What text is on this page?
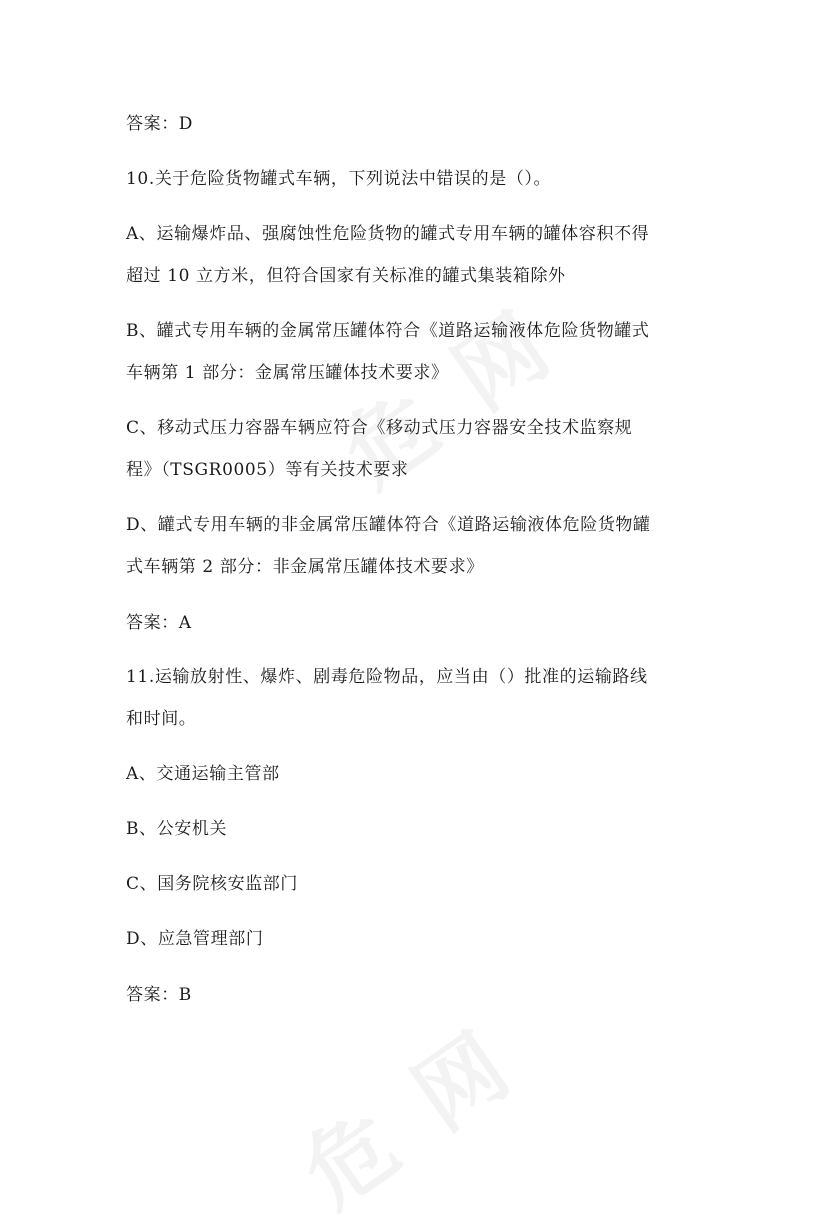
答案：D
10.关于危险货物罐式车辆，下列说法中错误的是（）。
A、运输爆炸品、强腐蚀性危险货物的罐式专用车辆的罐体容积不得
超过 10 立方米，但符合国家有关标准的罐式集装箱除外
B、罐式专用车辆的金属常压罐体符合《道路运输液体危险货物罐式
车辆第 1 部分：金属常压罐体技术要求》
C、移动式压力容器车辆应符合《移动式压力容器安全技术监察规
程》（TSGR0005）等有关技术要求
D、罐式专用车辆的非金属常压罐体符合《道路运输液体危险货物罐
式车辆第 2 部分：非金属常压罐体技术要求》
答案：A
11.运输放射性、爆炸、剧毒危险物品，应当由（）批准的运输路线
和时间。
A、交通运输主管部
B、公安机关
C、国务院核安监部门
D、应急管理部门
答案：B
